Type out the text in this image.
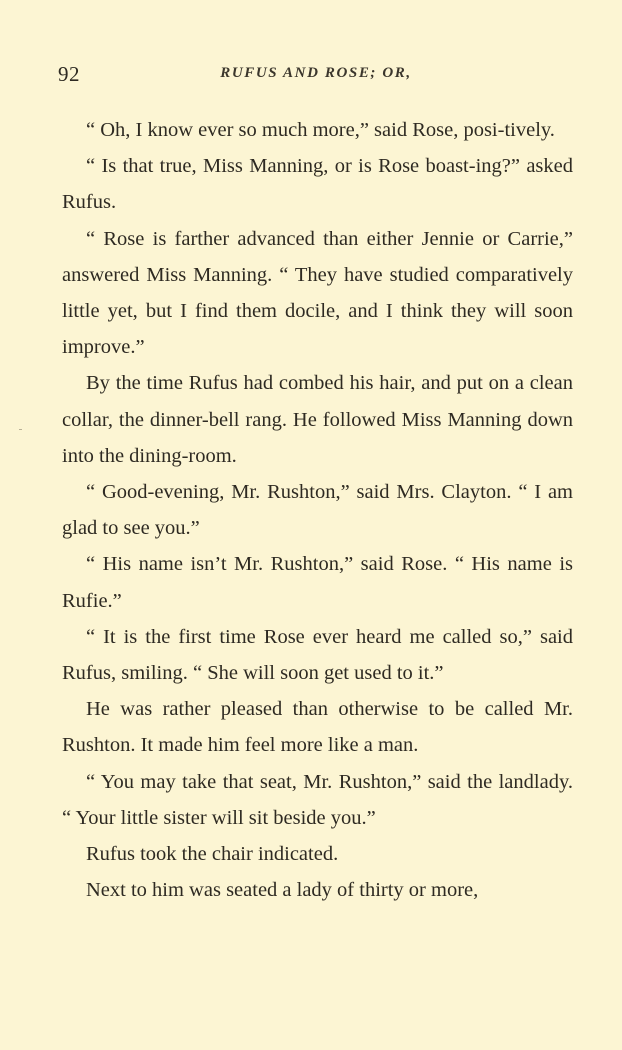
92	RUFUS AND ROSE; OR,

“ Oh, I know ever so much more,” said Rose, posi-tively.

“ Is that true, Miss Manning, or is Rose boast-ing?” asked Rufus.

“ Rose is farther advanced than either Jennie or Carrie,” answered Miss Manning. “ They have studied comparatively little yet, but I find them docile, and I think they will soon improve.”

By the time Rufus had combed his hair, and put on a clean collar, the dinner-bell rang. He followed Miss Manning down into the dining-room.

“ Good-evening, Mr. Rushton,” said Mrs. Clayton. “ I am glad to see you.”

“ His name isn’t Mr. Rushton,” said Rose. “ His name is Rufie.”

“ It is the first time Rose ever heard me called so,” said Rufus, smiling. “ She will soon get used to it.”

He was rather pleased than otherwise to be called Mr. Rushton. It made him feel more like a man.

“ You may take that seat, Mr. Rushton,” said the landlady. “ Your little sister will sit beside you.”

Rufus took the chair indicated.

Next to him was seated a lady of thirty or more,
